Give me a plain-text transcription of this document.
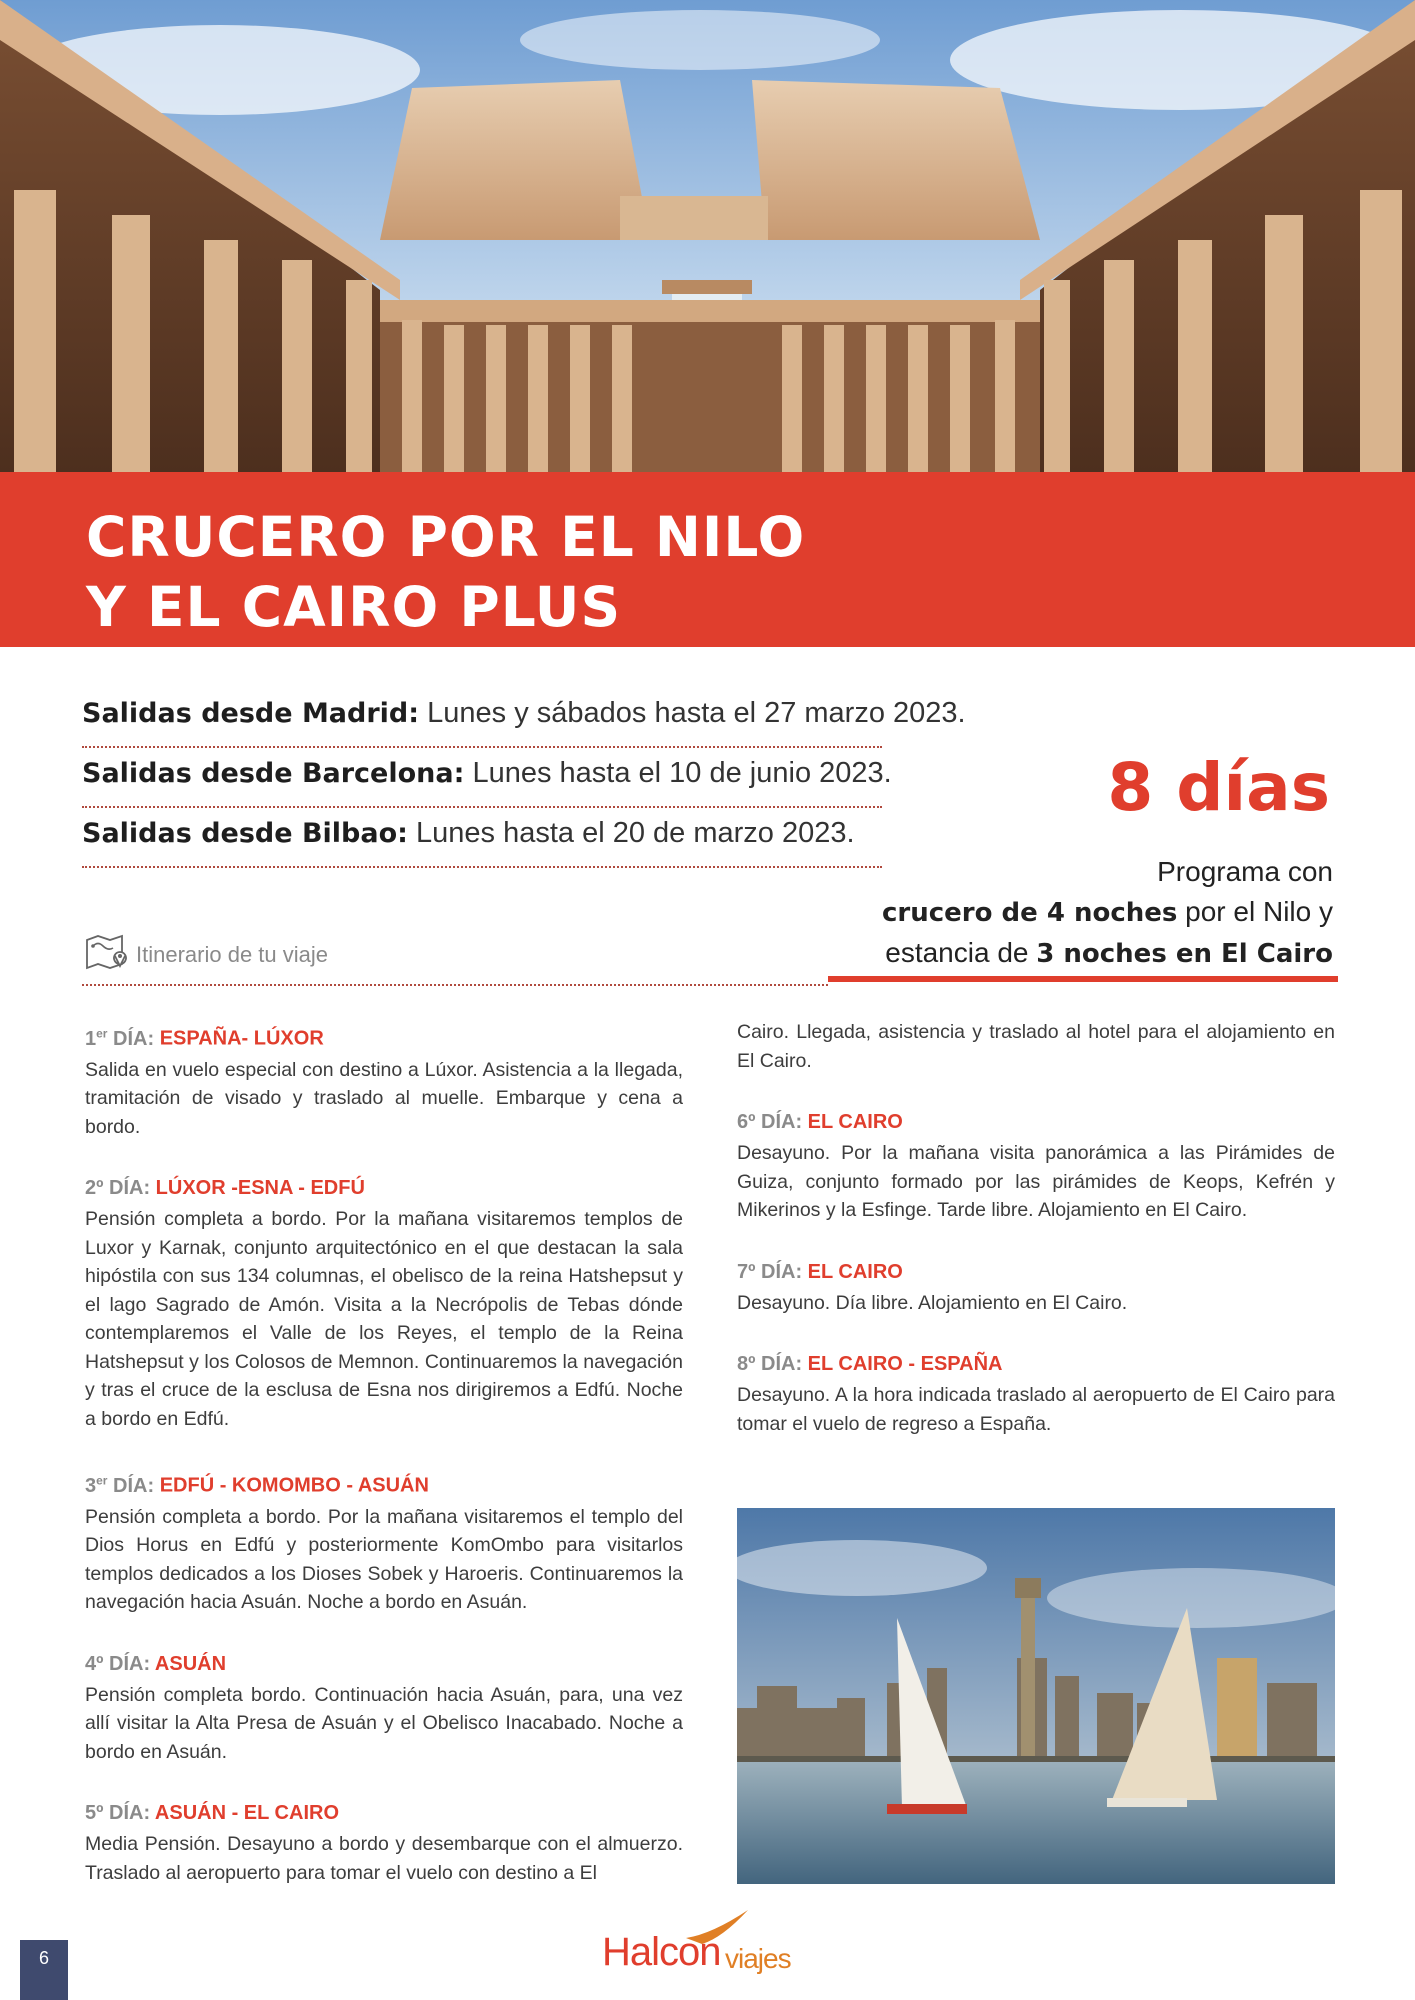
CRUCERO POR EL NILO
Y EL CAIRO PLUS
Salidas desde Madrid: Lunes y sábados hasta el 27 marzo 2023.
Salidas desde Barcelona: Lunes hasta el 10 de junio 2023.
Salidas desde Bilbao: Lunes hasta el 20 de marzo 2023.
8 días
Programa con
crucero de 4 noches por el Nilo y
estancia de 3 noches en El Cairo
Itinerario de tu viaje

1er DÍA: ESPAÑA- LÚXOR

Salida en vuelo especial con destino a Lúxor. Asistencia a la llegada, tramitación de visado y traslado al muelle. Embarque y cena a bordo.

2º DÍA: LÚXOR -ESNA - EDFÚ

Pensión completa a bordo. Por la mañana visitaremos templos de Luxor y Karnak, conjunto arquitectónico en el que destacan la sala hipóstila con sus 134 columnas, el obelisco de la reina Hatshepsut y el lago Sagrado de Amón. Visita a la Necrópolis de Tebas dónde contemplaremos el Valle de los Reyes, el templo de la Reina Hatshepsut y los Colosos de Memnon. Continuaremos la navegación y tras el cruce de la esclusa de Esna nos dirigiremos a Edfú. Noche a bordo en Edfú.

3er DÍA: EDFÚ - KOMOMBO - ASUÁN

Pensión completa a bordo. Por la mañana visitaremos el templo del Dios Horus en Edfú y posteriormente KomOmbo para visitarlos templos dedicados a los Dioses Sobek y Haroeris. Continuaremos la navegación hacia Asuán. Noche a bordo en Asuán.

4º DÍA: ASUÁN

Pensión completa bordo. Continuación hacia Asuán, para, una vez allí visitar la Alta Presa de Asuán y el Obelisco Inacabado. Noche a bordo en Asuán.

5º DÍA: ASUÁN - EL CAIRO

Media Pensión. Desayuno a bordo y desembarque con el almuerzo. Traslado al aeropuerto para tomar el vuelo con destino a El

Cairo. Llegada, asistencia y traslado al hotel para el alojamiento en El Cairo.

6º DÍA: EL CAIRO

Desayuno. Por la mañana visita panorámica a las Pirámides de Guiza, conjunto formado por las pirámides de Keops, Kefrén y Mikerinos y la Esfinge. Tarde libre. Alojamiento en El Cairo.

7º DÍA: EL CAIRO

Desayuno. Día libre. Alojamiento en El Cairo.

8º DÍA: EL CAIRO - ESPAÑA

Desayuno. A la hora indicada traslado al aeropuerto de El Cairo para tomar el vuelo de regreso a España.

6	Halcon viajes
